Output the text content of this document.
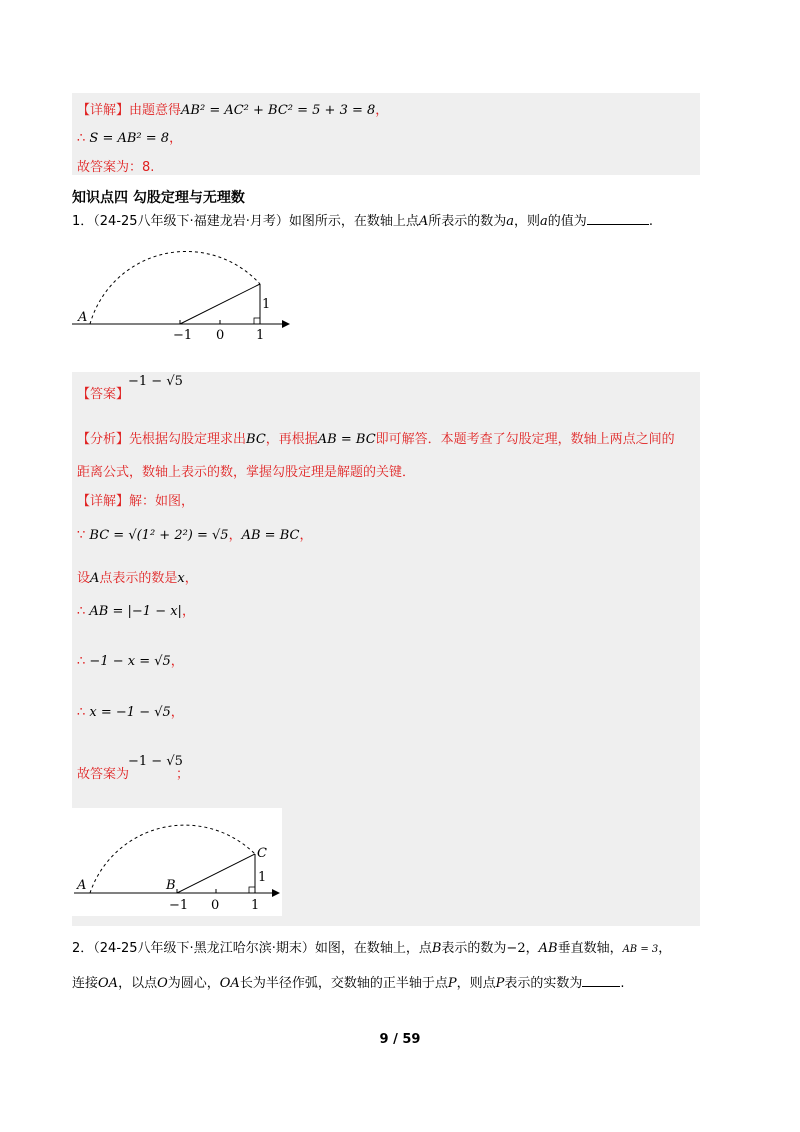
【详解】由题意得AB² = AC² + BC² = 5 + 3 = 8，
∴ S = AB² = 8，
故答案为：8.
知识点四 勾股定理与无理数
1．（24-25八年级下·福建龙岩·月考）如图所示，在数轴上点A所表示的数为a，则a的值为	.
A
1
−1 0 1
【答案】
−1 − √5
【分析】先根据勾股定理求出BC，再根据AB = BC即可解答．本题考查了勾股定理，数轴上两点之间的
距离公式，数轴上表示的数，掌握勾股定理是解题的关键．
【详解】解：如图，
∵ BC = √(1² + 2²) = √5，AB = BC，
设A点表示的数是x，
∴ AB = |−1 − x|，
∴ −1 − x = √5，
∴ x = −1 − √5，
故答案为
−1 − √5
；
A	B
C
1
−1 0 1
2．（24-25八年级下·黑龙江哈尔滨·期末）如图，在数轴上，点B表示的数为−2，AB垂直数轴，AB = 3，
连接OA，以点O为圆心，OA长为半径作弧，交数轴的正半轴于点P，则点P表示的实数为	.
9 / 59
